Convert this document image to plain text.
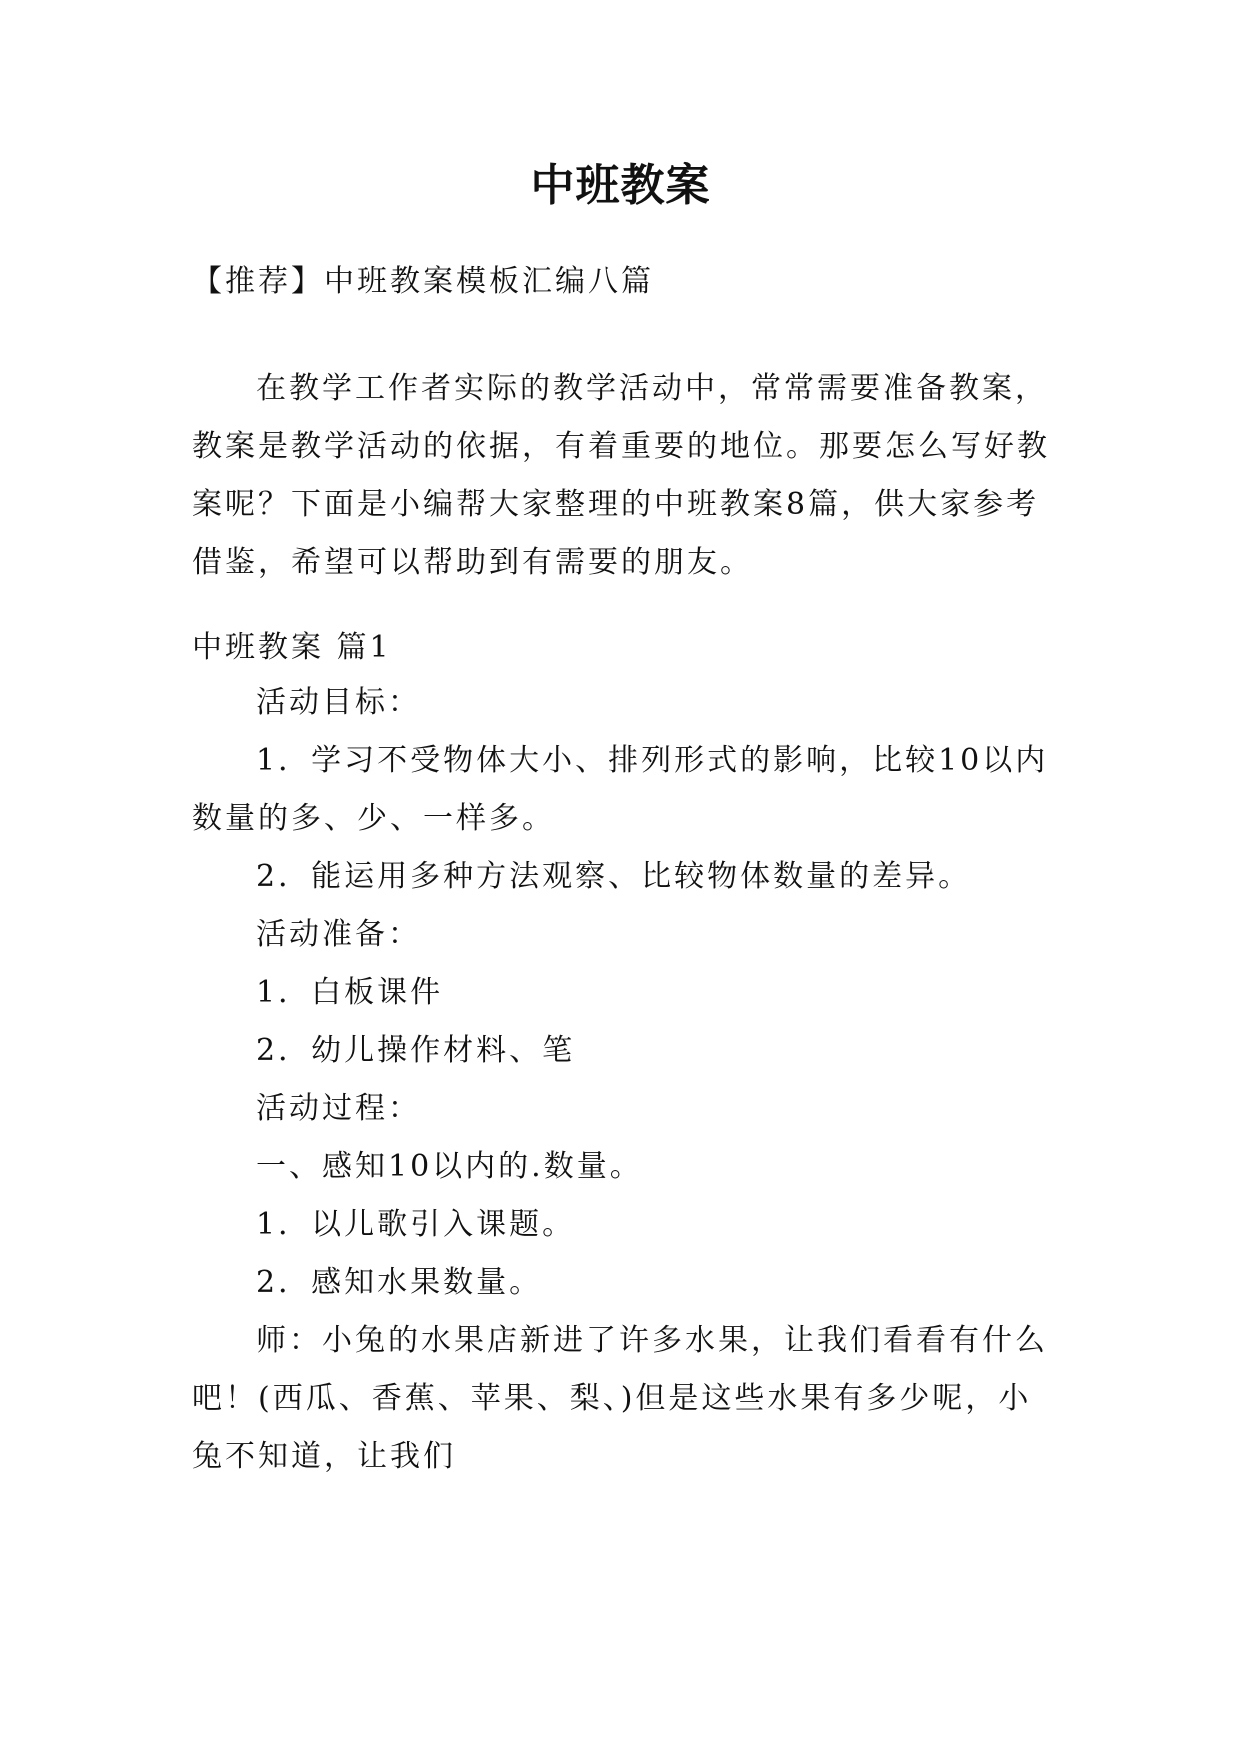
中班教案
【推荐】中班教案模板汇编八篇

在教学工作者实际的教学活动中，常常需要准备教案，教案是教学活动的依据，有着重要的地位。那要怎么写好教案呢？下面是小编帮大家整理的中班教案8篇，供大家参考借鉴，希望可以帮助到有需要的朋友。

中班教案 篇1
活动目标：
1．学习不受物体大小、排列形式的影响，比较10以内
数量的多、少、一样多。
2．能运用多种方法观察、比较物体数量的差异。
活动准备：
1．白板课件
2．幼儿操作材料、笔
活动过程：
一、感知10以内的.数量。
1．以儿歌引入课题。
2．感知水果数量。
师：小兔的水果店新进了许多水果，让我们看看有什么
吧！(西瓜、香蕉、苹果、梨、)但是这些水果有多少呢，小
兔不知道，让我们
